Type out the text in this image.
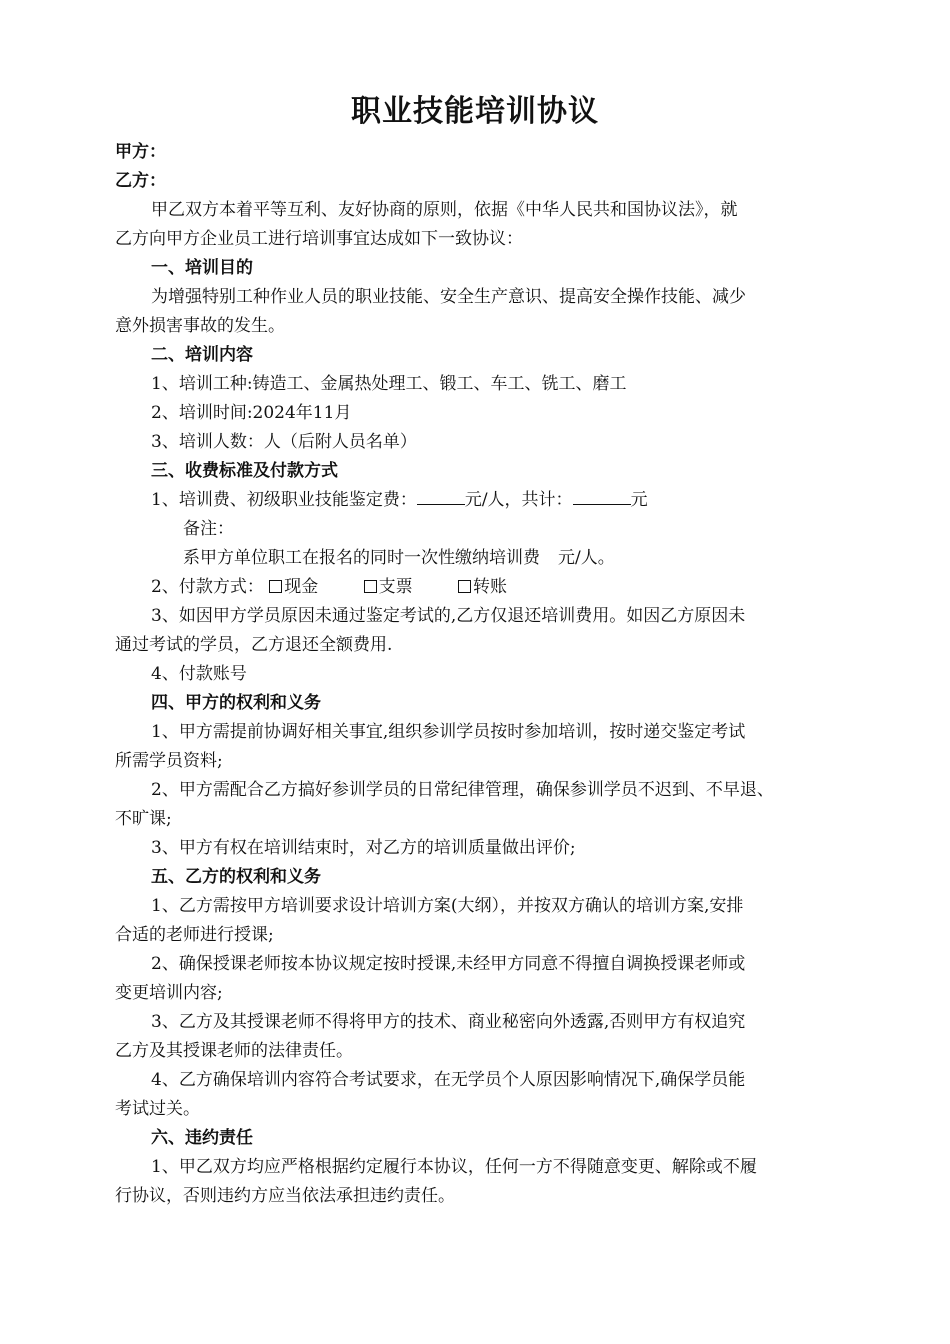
职业技能培训协议
甲方：
乙方：
甲乙双方本着平等互利、友好协商的原则，依据《中华人民共和国协议法》，就
乙方向甲方企业员工进行培训事宜达成如下一致协议：
一、培训目的
为增强特别工种作业人员的职业技能、安全生产意识、提高安全操作技能、减少
意外损害事故的发生。
二、培训内容
1、培训工种:铸造工、金属热处理工、锻工、车工、铣工、磨工
2、培训时间:2024年11月
3、培训人数：人（后附人员名单）
三、收费标准及付款方式
1、培训费、初级职业技能鉴定费：	元/人，共计：	元
备注：
系甲方单位职工在报名的同时一次性缴纳培训费 元/人。
2、付款方式： 现金	支票	转账
3、如因甲方学员原因未通过鉴定考试的,乙方仅退还培训费用。如因乙方原因未
通过考试的学员，乙方退还全额费用.
4、付款账号
四、甲方的权利和义务
1、甲方需提前协调好相关事宜,组织参训学员按时参加培训，按时递交鉴定考试
所需学员资料;
2、甲方需配合乙方搞好参训学员的日常纪律管理，确保参训学员不迟到、不早退、
不旷课;
3、甲方有权在培训结束时，对乙方的培训质量做出评价;
五、乙方的权利和义务
1、乙方需按甲方培训要求设计培训方案(大纲），并按双方确认的培训方案,安排
合适的老师进行授课;
2、确保授课老师按本协议规定按时授课,未经甲方同意不得擅自调换授课老师或
变更培训内容;
3、乙方及其授课老师不得将甲方的技术、商业秘密向外透露,否则甲方有权追究
乙方及其授课老师的法律责任。
4、乙方确保培训内容符合考试要求，在无学员个人原因影响情况下,确保学员能
考试过关。
六、违约责任
1、甲乙双方均应严格根据约定履行本协议，任何一方不得随意变更、解除或不履
行协议，否则违约方应当依法承担违约责任。
